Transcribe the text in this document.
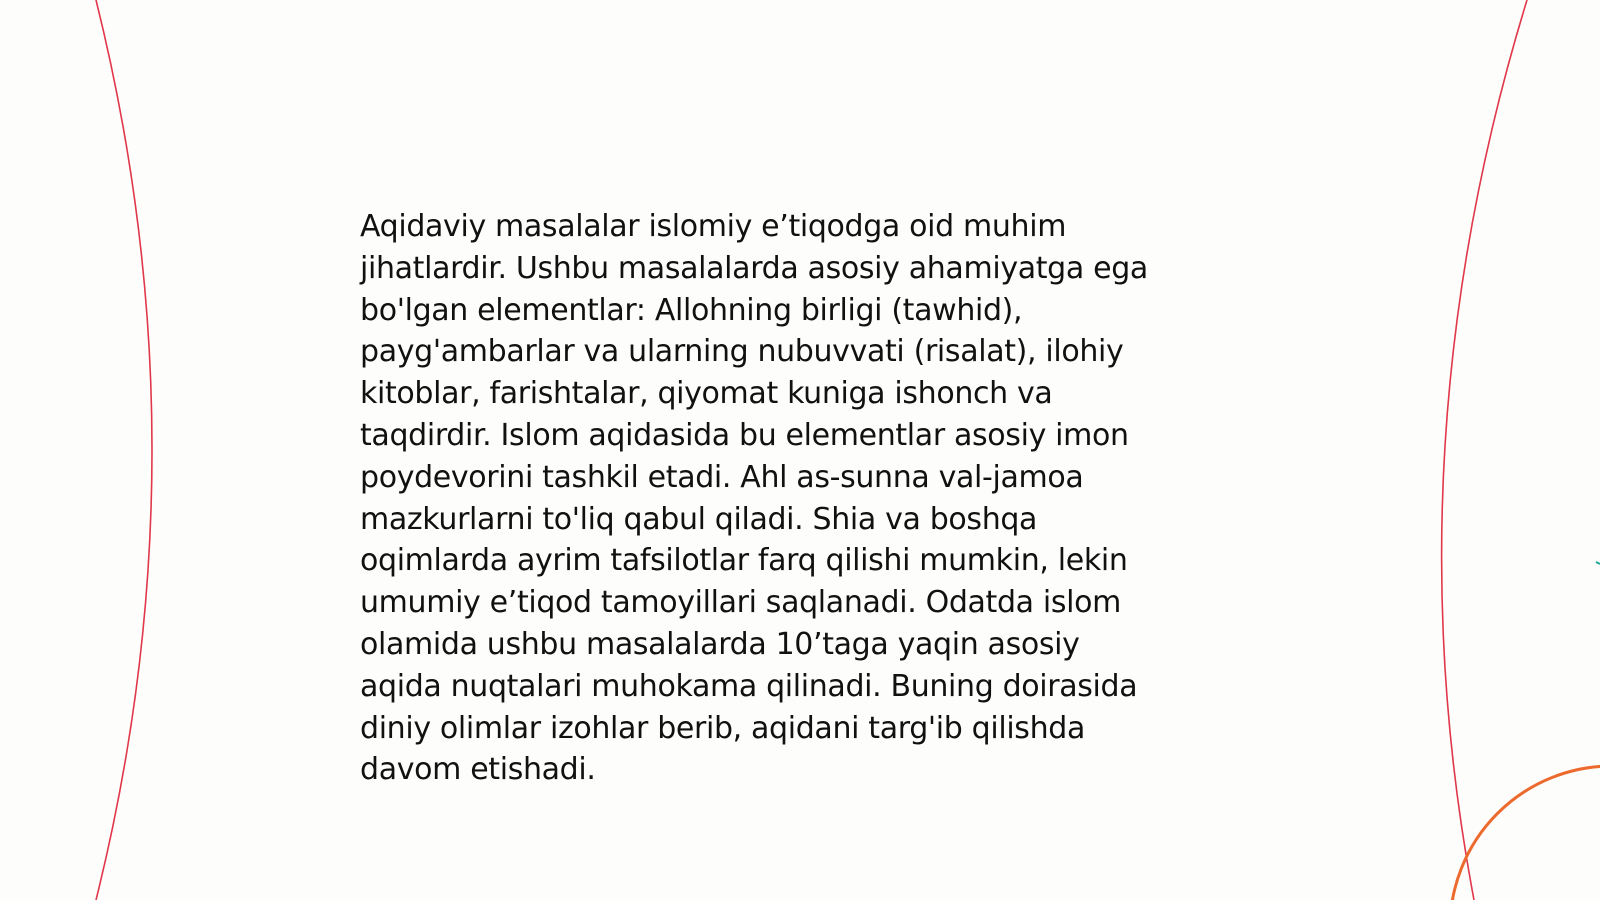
Aqidaviy masalalar islomiy e’tiqodga oid muhim
jihatlardir. Ushbu masalalarda asosiy ahamiyatga ega
bo'lgan elementlar: Allohning birligi (tawhid),
payg'ambarlar va ularning nubuvvati (risalat), ilohiy
kitoblar, farishtalar, qiyomat kuniga ishonch va
taqdirdir. Islom aqidasida bu elementlar asosiy imon
poydevorini tashkil etadi. Ahl as-sunna val-jamoa
mazkurlarni to'liq qabul qiladi. Shia va boshqa
oqimlarda ayrim tafsilotlar farq qilishi mumkin, lekin
umumiy e’tiqod tamoyillari saqlanadi. Odatda islom
olamida ushbu masalalarda 10’taga yaqin asosiy
aqida nuqtalari muhokama qilinadi. Buning doirasida
diniy olimlar izohlar berib, aqidani targ'ib qilishda
davom etishadi.
